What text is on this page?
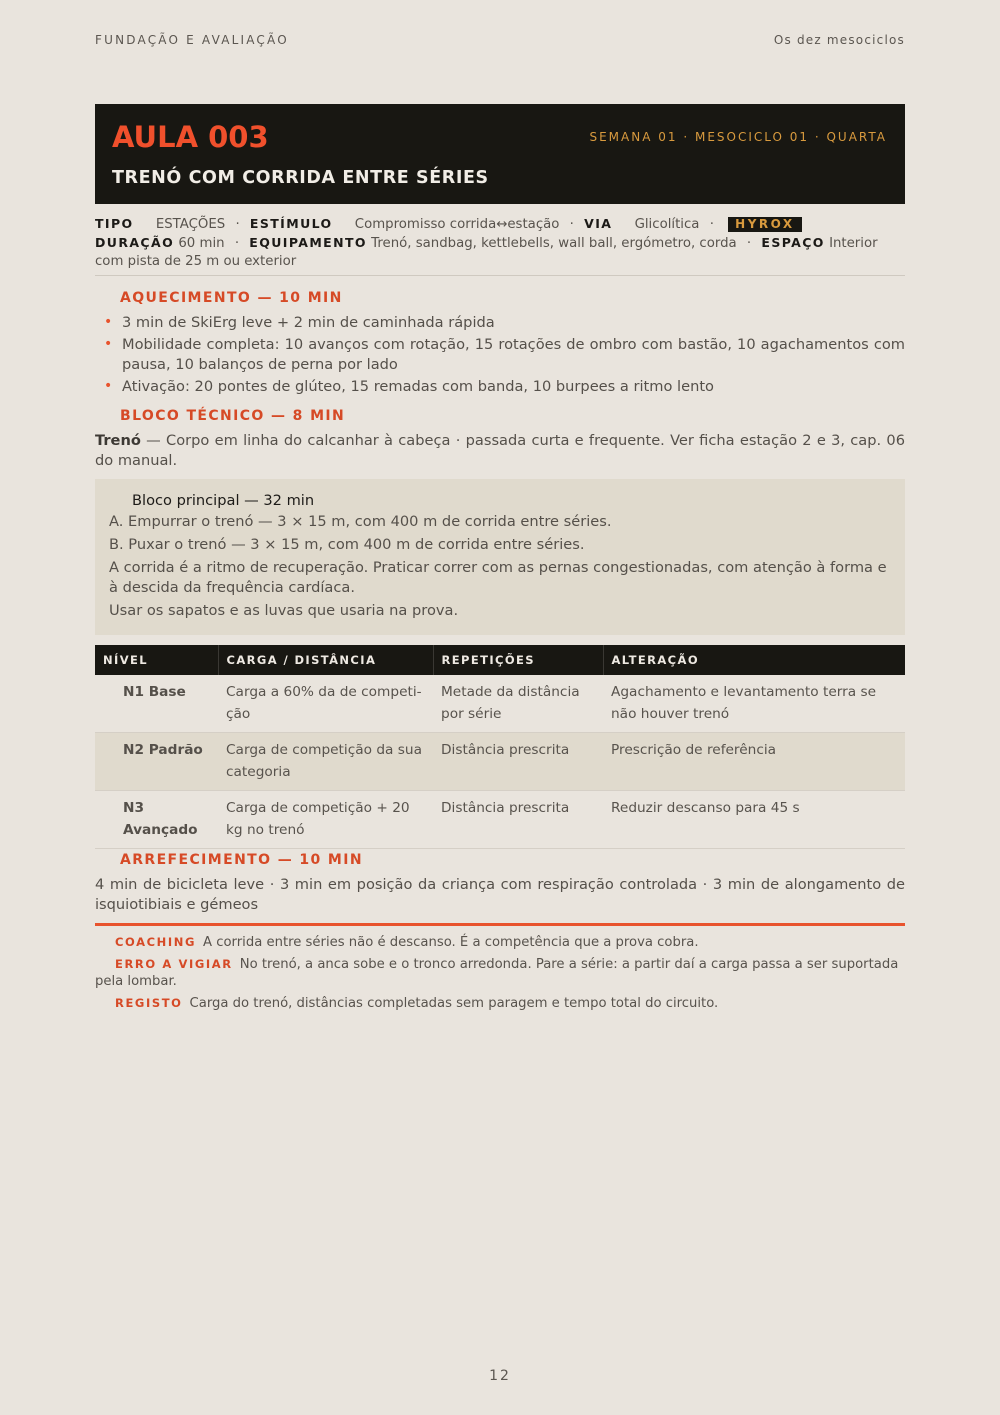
FUNDAÇÃO E AVALIAÇÃO	Os dez mesociclos
AULA 003
TRENÓ COM CORRIDA ENTRE SÉRIES
SEMANA 01 · MESOCICLO 01 · QUARTA
TIPO ESTAÇÕES · ESTÍMULO Compromisso corrida↔estação · VIA Glicolítica · HYROX
DURAÇÃO 60 min · EQUIPAMENTO Trenó, sandbag, kettlebells, wall ball, ergómetro, corda · ESPAÇO Interior com pista de 25 m ou exterior
AQUECIMENTO — 10 MIN
• 3 min de SkiErg leve + 2 min de caminhada rápida
• Mobilidade completa: 10 avanços com rotação, 15 rotações de ombro com bastão, 10 agachamentos com pausa, 10 balanços de perna por lado
• Ativação: 20 pontes de glúteo, 15 remadas com banda, 10 burpees a ritmo lento
BLOCO TÉCNICO — 8 MIN
Trenó — Corpo em linha do calcanhar à cabeça · passada curta e frequente. Ver ficha estação 2 e 3, cap. 06 do manual.
Bloco principal — 32 min
A. Empurrar o trenó — 3 × 15 m, com 400 m de corrida entre séries.
B. Puxar o trenó — 3 × 15 m, com 400 m de corrida entre séries.
A corrida é a ritmo de recuperação. Praticar correr com as pernas congestionadas, com atenção à forma e à descida da frequência cardíaca.
Usar os sapatos e as luvas que usaria na prova.
NÍVEL	CARGA / DISTÂNCIA	REPETIÇÕES	ALTERAÇÃO
N1 Base	Carga a 60% da de competi-ção	Metade da distância por série	Agachamento e levantamento terra se não houver trenó
N2 Padrão	Carga de competição da sua categoria	Distância prescrita	Prescrição de referência
N3 Avançado	Carga de competição + 20 kg no trenó	Distância prescrita	Reduzir descanso para 45 s
ARREFECIMENTO — 10 MIN
4 min de bicicleta leve · 3 min em posição da criança com respiração controlada · 3 min de alongamento de isquiotibiais e gémeos
COACHING A corrida entre séries não é descanso. É a competência que a prova cobra.
ERRO A VIGIAR No trenó, a anca sobe e o tronco arredonda. Pare a série: a partir daí a carga passa a ser suportada pela lombar.
REGISTO Carga do trenó, distâncias completadas sem paragem e tempo total do circuito.
12
